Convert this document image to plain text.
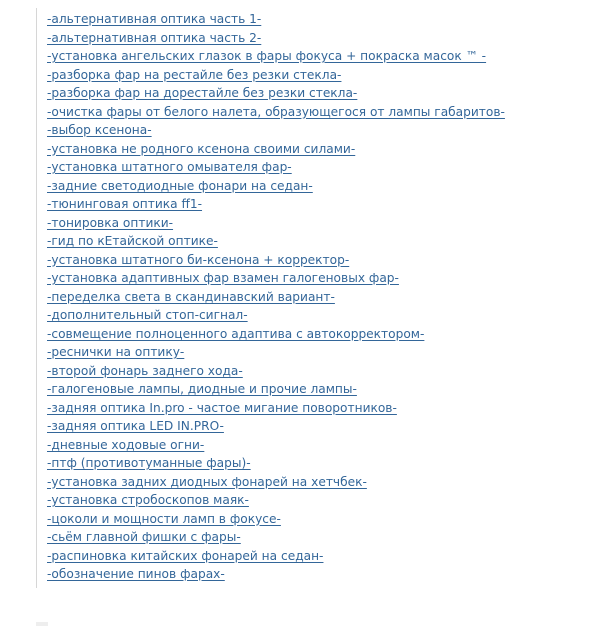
-альтернативная оптика часть 1-
-альтернативная оптика часть 2-
-установка ангельских глазок в фары фокуса + покраска масок ™ -
-разборка фар на рестайле без резки стекла-
-разборка фар на дорестайле без резки стекла-
-очистка фары от белого налета, образующегося от лампы габаритов-
-выбор ксенона-
-установка не родного ксенона своими силами-
-установка штатного омывателя фар-
-задние светодиодные фонари на седан-
-тюнинговая оптика ff1-
-тонировка оптики-
-гид по кЕтайской оптике-
-установка штатного би-ксенона + корректор-
-установка адаптивных фар взамен галогеновых фар-
-переделка света в скандинавский вариант-
-дополнительный стоп-сигнал-
-совмещение полноценного адаптива с автокорректором-
-реснички на оптику-
-второй фонарь заднего хода-
-галогеновые лампы, диодные и прочие лампы-
-задняя оптика In.pro - частое мигание поворотников-
-задняя оптика LED IN.PRO-
-дневные ходовые огни-
-птф (противотуманные фары)-
-установка задних диодных фонарей на хетчбек-
-установка стробоскопов маяк-
-цоколи и мощности ламп в фокусе-
-сьём главной фишки с фары-
-распиновка китайских фонарей на седан-
-обозначение пинов фарах-
